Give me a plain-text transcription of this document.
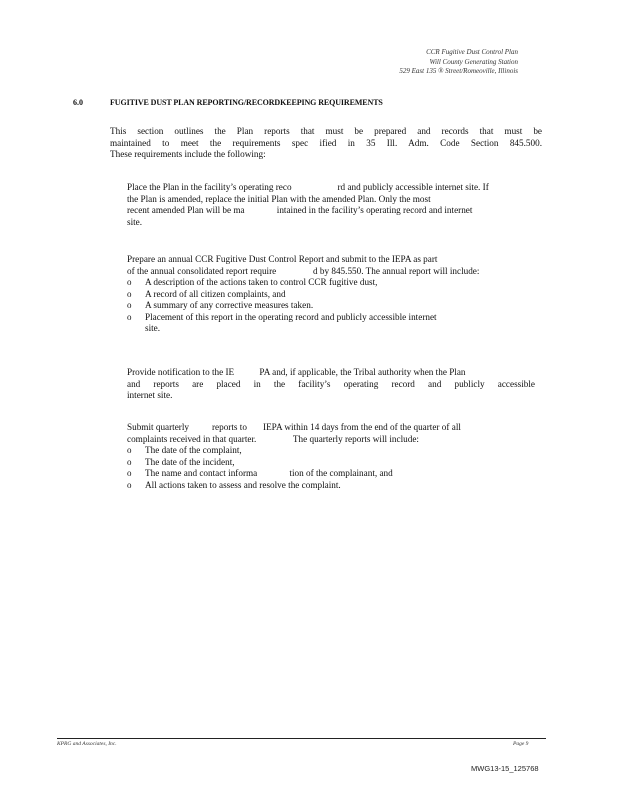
CCR Fugitive Dust Control Plan
Will County Generating Station
529 East 135 ® Street/Romeoville, Illinois
6.0	FUGITIVE DUST PLAN REPORTING/RECORDKEEPING REQUIREMENTS

This section outlines the Plan reports that must be prepared and records that must be

maintained to meet the requirements spec ified in 35 Ill. Adm. Code Section 845.500.

These requirements include the following:

Place the Plan in the facility’s operating reco                    rd and publicly accessible internet site. If
the Plan is amended, replace the initial Plan with the amended Plan. Only the most
recent amended Plan will be ma              intained in the facility’s operating record and internet
site.
Prepare an annual CCR Fugitive Dust Control Report and submit to the IEPA as part
of the annual consolidated report require                d by 845.550. The annual report will include:
o A description of the actions taken to control CCR fugitive dust,
o A record of all citizen complaints, and
o A summary of any corrective measures taken.
o Placement of this report in the operating record and publicly accessible internet
site.
Provide notification to the IE           PA and, if applicable, the Tribal authority when the Plan
and reports are placed in the facility’s operating record and publicly accessible
internet site.
Submit quarterly          reports to       IEPA within 14 days from the end of the quarter of all
complaints received in that quarter.                The quarterly reports will include:
o The date of the complaint,
o The date of the incident,
o The name and contact informa              tion of the complainant, and
o All actions taken to assess and resolve the complaint.
KPRG and Associates, Inc.	Page 9
MWG13-15_125768
